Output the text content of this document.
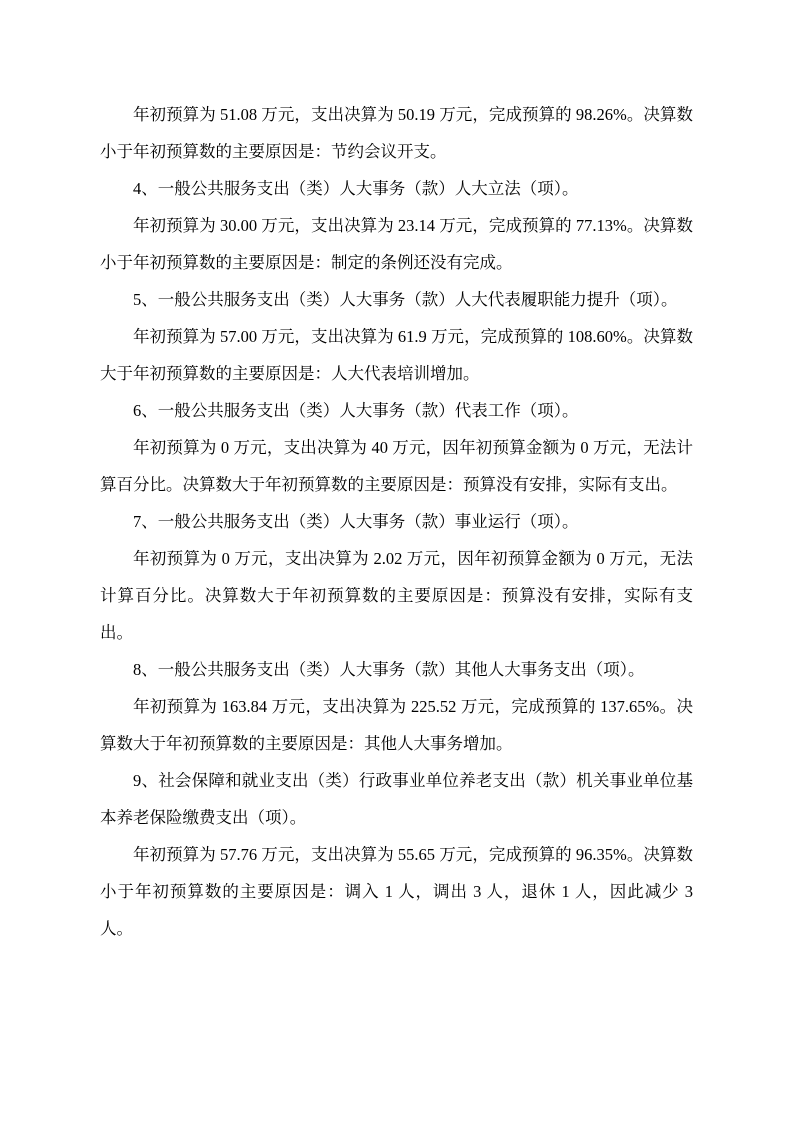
年初预算为 51.08 万元，支出决算为 50.19 万元，完成预算的 98.26%。决算数小于年初预算数的主要原因是：节约会议开支。

4、一般公共服务支出（类）人大事务（款）人大立法（项）。

年初预算为 30.00 万元，支出决算为 23.14 万元，完成预算的 77.13%。决算数小于年初预算数的主要原因是：制定的条例还没有完成。

5、一般公共服务支出（类）人大事务（款）人大代表履职能力提升（项）。

年初预算为 57.00 万元，支出决算为 61.9 万元，完成预算的 108.60%。决算数大于年初预算数的主要原因是：人大代表培训增加。

6、一般公共服务支出（类）人大事务（款）代表工作（项）。

年初预算为 0 万元，支出决算为 40 万元，因年初预算金额为 0 万元，无法计算百分比。决算数大于年初预算数的主要原因是：预算没有安排，实际有支出。

7、一般公共服务支出（类）人大事务（款）事业运行（项）。

年初预算为 0 万元，支出决算为 2.02 万元，因年初预算金额为 0 万元，无法计算百分比。决算数大于年初预算数的主要原因是：预算没有安排，实际有支出。

8、一般公共服务支出（类）人大事务（款）其他人大事务支出（项）。

年初预算为 163.84 万元，支出决算为 225.52 万元，完成预算的 137.65%。决算数大于年初预算数的主要原因是：其他人大事务增加。

9、社会保障和就业支出（类）行政事业单位养老支出（款）机关事业单位基本养老保险缴费支出（项）。

年初预算为 57.76 万元，支出决算为 55.65 万元，完成预算的 96.35%。决算数小于年初预算数的主要原因是：调入 1 人，调出 3 人，退休 1 人，因此减少 3 人。
